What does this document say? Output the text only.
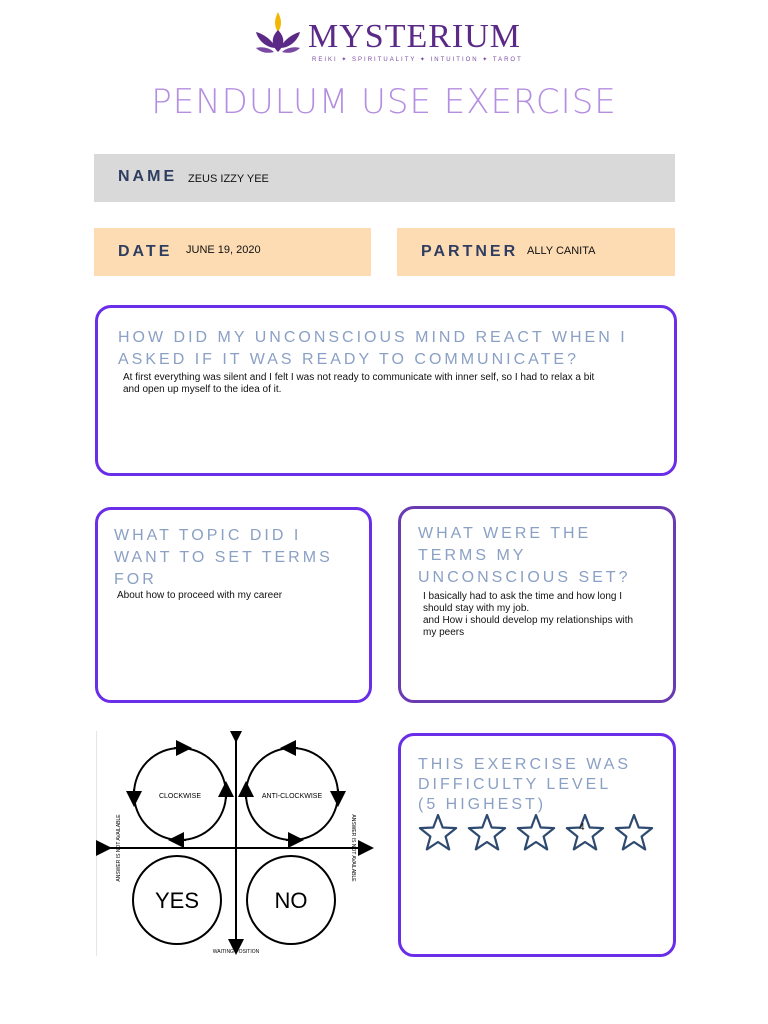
MYSTERIUM
REIKI ✦ SPIRITUALITY ✦ INTUITION ✦ TAROT
PENDULUM USE EXERCISE
NAME ZEUS IZZY YEE
DATE JUNE 19, 2020	PARTNER ALLY CANITA
HOW DID MY UNCONSCIOUS MIND REACT WHEN I
ASKED IF IT WAS READY TO COMMUNICATE?
At first everything was silent and I felt I was not ready to communicate with inner self, so I had to relax a bit
and open up myself to the idea of it.
WHAT TOPIC DID I
WANT TO SET TERMS
FOR
About how to proceed with my career
WHAT WERE THE
TERMS MY
UNCONSCIOUS SET?
I basically had to ask the time and how long I
should stay with my job.
and How i should develop my relationships with
my peers
CLOCKWISE	ANTI-CLOCKWISE
YES	NO
ANSWER IS NOT AVAILABLE	ANSWER IS NOT AVAILABLE
WAITING POSITION
THIS EXERCISE WAS
DIFFICULTY LEVEL
(5 HIGHEST)
4
